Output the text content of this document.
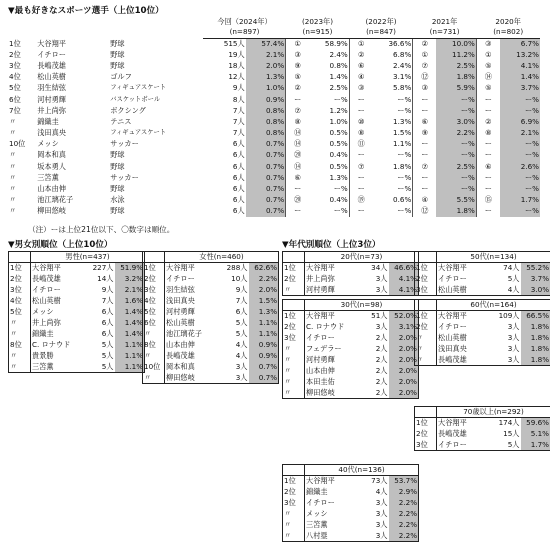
▼最も好きなスポーツ選手（上位10位）
			今回（2024年）		(2023年)		(2022年)		2021年		2020年	
			(n=897)		(n=915)		(n=847)		(n=731)		(n=802)	
1位	大谷翔平	野球	515人	57.4%	①	58.9%	①	36.6%	②	10.0%	③	6.7%
2位	イチロー	野球	19人	2.1%	③	2.4%	②	6.8%	①	11.2%	①	13.2%
3位	長嶋茂雄	野球	18人	2.0%	⑨	0.8%	⑥	2.4%	⑦	2.5%	⑤	4.1%
4位	松山英樹	ゴルフ	12人	1.3%	⑤	1.4%	④	3.1%	⑫	1.8%	⑭	1.4%
5位	羽生結弦	フィギュアスケート	9人	1.0%	②	2.5%	③	5.8%	③	5.9%	⑤	3.7%
6位	河村勇輝	バスケットボール	8人	0.9%	ー	ー%	ー	ー%	ー	ー%	ー	ー%
7位	井上尚弥	ボクシング	7人	0.8%	⑦	1.2%	ー	ー%	ー	ー%	ー	ー%
〃	錦織圭	テニス	7人	0.8%	⑧	1.0%	⑩	1.3%	⑥	3.0%	②	6.9%
〃	浅田真央	フィギュアスケート	7人	0.8%	⑭	0.5%	⑧	1.5%	⑨	2.2%	⑧	2.1%
10位	メッシ	サッカー	6人	0.7%	⑭	0.5%	⑪	1.1%	ー	ー%	ー	ー%
〃	岡本和真	野球	6人	0.7%	⑳	0.4%	ー	ー%	ー	ー%	ー	ー%
〃	坂本勇人	野球	6人	0.7%	⑭	0.5%	⑦	1.8%	⑦	2.5%	⑥	2.6%
〃	三笘薫	サッカー	6人	0.7%	⑥	1.3%	ー	ー%	ー	ー%	ー	ー%
〃	山本由伸	野球	6人	0.7%	ー	ー%	ー	ー%	ー	ー%	ー	ー%
〃	池江璃花子	水泳	6人	0.7%	⑳	0.4%	⑲	0.6%	④	5.5%	⑮	1.7%
〃	柳田悠岐	野球	6人	0.7%	ー	ー%	ー	ー%	⑫	1.8%	ー	ー%
（注）ーは上位21位以下、〇数字は順位。
▼男女別順位（上位10位）	▼年代別順位（上位3位）
	男性(n=437)		
1位	大谷翔平	227人	51.9%
2位	長嶋茂雄	14人	3.2%
3位	イチロー	9人	2.1%
4位	松山英樹	7人	1.6%
5位	メッシ	6人	1.4%
〃	井上尚弥	6人	1.4%
〃	錦織圭	6人	1.4%
8位	C. ロナウド	5人	1.1%
〃	貴景勝	5人	1.1%
〃	三笘薫	5人	1.1%
	女性(n=460)		
1位	大谷翔平	288人	62.6%
2位	イチロー	10人	2.2%
3位	羽生結弦	9人	2.0%
4位	浅田真央	7人	1.5%
5位	河村勇輝	6人	1.3%
6位	松山英樹	5人	1.1%
〃	池江璃花子	5人	1.1%
8位	山本由伸	4人	0.9%
〃	長嶋茂雄	4人	0.9%
10位	岡本和真	3人	0.7%
〃	柳田悠岐	3人	0.7%
	20代(n=73)		
1位	大谷翔平	34人	46.6%
2位	井上尚弥	3人	4.1%
〃	河村勇輝	3人	4.1%
	30代(n=98)		
1位	大谷翔平	51人	52.0%
2位	C. ロナウド	3人	3.1%
3位	イチロー	2人	2.0%
〃	フェデラー	2人	2.0%
〃	河村勇輝	2人	2.0%
〃	山本由伸	2人	2.0%
〃	本田圭佑	2人	2.0%
〃	柳田悠岐	2人	2.0%
	40代(n=136)		
1位	大谷翔平	73人	53.7%
2位	錦織圭	4人	2.9%
3位	イチロー	3人	2.2%
〃	メッシ	3人	2.2%
〃	三笘薫	3人	2.2%
〃	八村塁	3人	2.2%
	50代(n=134)		
1位	大谷翔平	74人	55.2%
2位	イチロー	5人	3.7%
3位	松山英樹	4人	3.0%
	60代(n=164)		
1位	大谷翔平	109人	66.5%
2位	イチロー	3人	1.8%
〃	松山英樹	3人	1.8%
〃	浅田真央	3人	1.8%
〃	長嶋茂雄	3人	1.8%
	70歳以上(n=292)		
1位	大谷翔平	174人	59.6%
2位	長嶋茂雄	15人	5.1%
3位	イチロー	5人	1.7%
